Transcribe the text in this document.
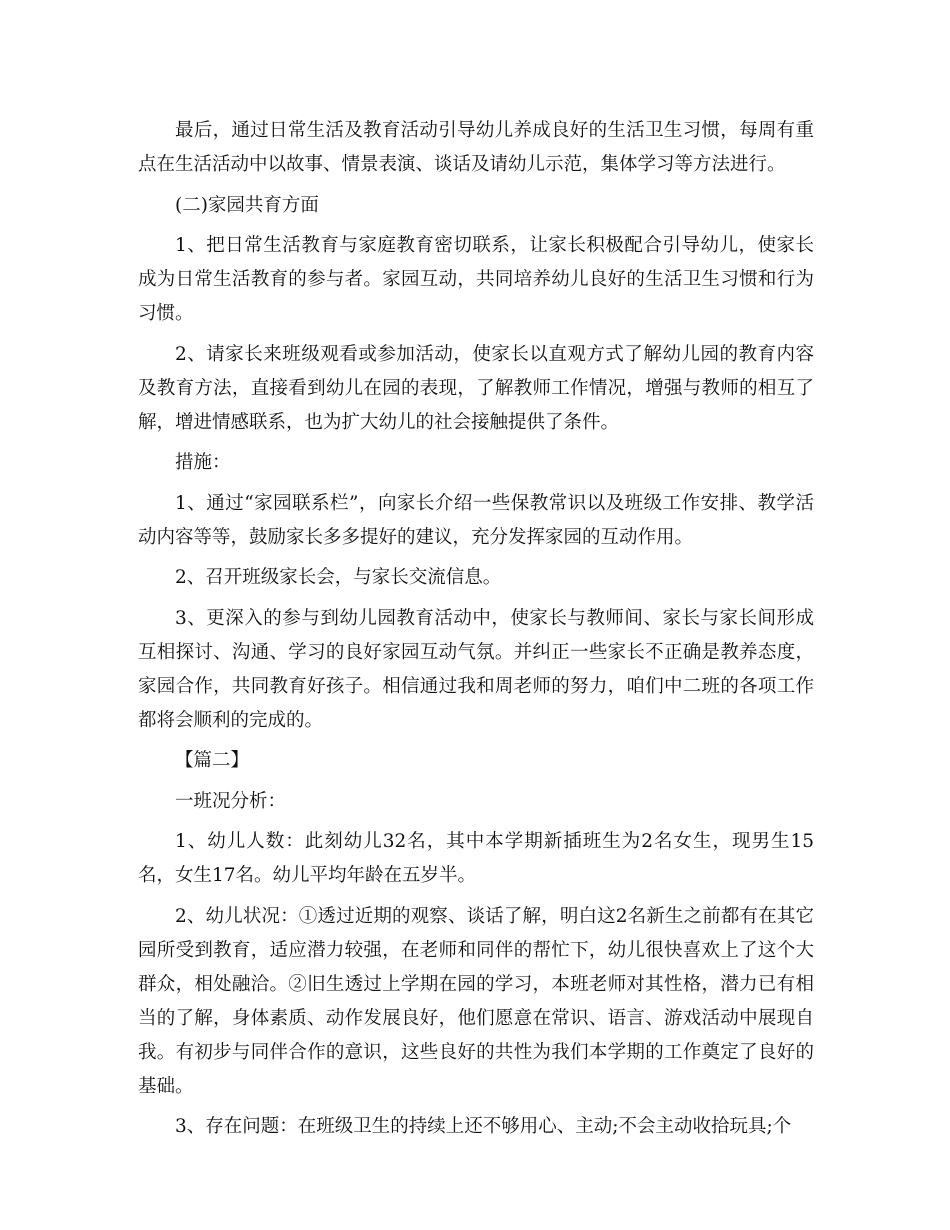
最后，通过日常生活及教育活动引导幼儿养成良好的生活卫生习惯，每周有重点在生活活动中以故事、情景表演、谈话及请幼儿示范，集体学习等方法进行。

(二)家园共育方面

1、把日常生活教育与家庭教育密切联系，让家长积极配合引导幼儿，使家长成为日常生活教育的参与者。家园互动，共同培养幼儿良好的生活卫生习惯和行为习惯。

2、请家长来班级观看或参加活动，使家长以直观方式了解幼儿园的教育内容及教育方法，直接看到幼儿在园的表现，了解教师工作情况，增强与教师的相互了解，增进情感联系，也为扩大幼儿的社会接触提供了条件。

措施：

1、通过“家园联系栏”，向家长介绍一些保教常识以及班级工作安排、教学活动内容等等，鼓励家长多多提好的建议，充分发挥家园的互动作用。

2、召开班级家长会，与家长交流信息。

3、更深入的参与到幼儿园教育活动中，使家长与教师间、家长与家长间形成互相探讨、沟通、学习的良好家园互动气氛。并纠正一些家长不正确是教养态度，家园合作，共同教育好孩子。相信通过我和周老师的努力，咱们中二班的各项工作都将会顺利的完成的。

【篇二】

一班况分析：

1、幼儿人数：此刻幼儿32名，其中本学期新插班生为2名女生，现男生15名，女生17名。幼儿平均年龄在五岁半。

2、幼儿状况：①透过近期的观察、谈话了解，明白这2名新生之前都有在其它园所受到教育，适应潜力较强，在老师和同伴的帮忙下，幼儿很快喜欢上了这个大群众，相处融洽。②旧生透过上学期在园的学习，本班老师对其性格，潜力已有相当的了解，身体素质、动作发展良好，他们愿意在常识、语言、游戏活动中展现自我。有初步与同伴合作的意识，这些良好的共性为我们本学期的工作奠定了良好的基础。

3、存在问题：在班级卫生的持续上还不够用心、主动;不会主动收拾玩具;个
